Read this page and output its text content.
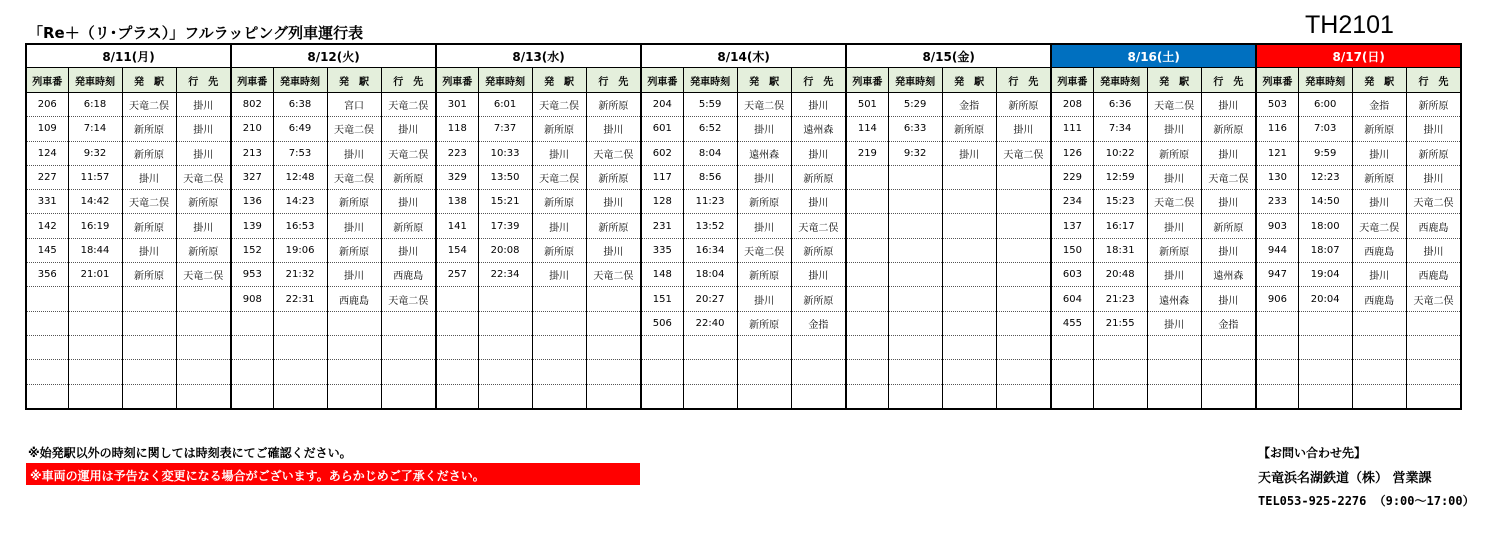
「Re＋（リ･プラス）」フルラッピング列車運行表	TH2101
8/11(月)				8/12(火)				8/13(水)				8/14(木)				8/15(金)				8/16(土)				8/17(日)			
列車番	発車時刻	発　駅	行　先	列車番	発車時刻	発　駅	行　先	列車番	発車時刻	発　駅	行　先	列車番	発車時刻	発　駅	行　先	列車番	発車時刻	発　駅	行　先	列車番	発車時刻	発　駅	行　先	列車番	発車時刻	発　駅	行　先
206	6:18	天竜二俣	掛川	802	6:38	宮口	天竜二俣	301	6:01	天竜二俣	新所原	204	5:59	天竜二俣	掛川	501	5:29	金指	新所原	208	6:36	天竜二俣	掛川	503	6:00	金指	新所原
109	7:14	新所原	掛川	210	6:49	天竜二俣	掛川	118	7:37	新所原	掛川	601	6:52	掛川	遠州森	114	6:33	新所原	掛川	111	7:34	掛川	新所原	116	7:03	新所原	掛川
124	9:32	新所原	掛川	213	7:53	掛川	天竜二俣	223	10:33	掛川	天竜二俣	602	8:04	遠州森	掛川	219	9:32	掛川	天竜二俣	126	10:22	新所原	掛川	121	9:59	掛川	新所原
227	11:57	掛川	天竜二俣	327	12:48	天竜二俣	新所原	329	13:50	天竜二俣	新所原	117	8:56	掛川	新所原					229	12:59	掛川	天竜二俣	130	12:23	新所原	掛川
331	14:42	天竜二俣	新所原	136	14:23	新所原	掛川	138	15:21	新所原	掛川	128	11:23	新所原	掛川					234	15:23	天竜二俣	掛川	233	14:50	掛川	天竜二俣
142	16:19	新所原	掛川	139	16:53	掛川	新所原	141	17:39	掛川	新所原	231	13:52	掛川	天竜二俣					137	16:17	掛川	新所原	903	18:00	天竜二俣	西鹿島
145	18:44	掛川	新所原	152	19:06	新所原	掛川	154	20:08	新所原	掛川	335	16:34	天竜二俣	新所原					150	18:31	新所原	掛川	944	18:07	西鹿島	掛川
356	21:01	新所原	天竜二俣	953	21:32	掛川	西鹿島	257	22:34	掛川	天竜二俣	148	18:04	新所原	掛川					603	20:48	掛川	遠州森	947	19:04	掛川	西鹿島
				908	22:31	西鹿島	天竜二俣					151	20:27	掛川	新所原					604	21:23	遠州森	掛川	906	20:04	西鹿島	天竜二俣
												506	22:40	新所原	金指					455	21:55	掛川	金指				

※始発駅以外の時刻に関しては時刻表にてご確認ください。
※車両の運用は予告なく変更になる場合がございます。あらかじめご了承ください。
【お問い合わせ先】
天竜浜名湖鉄道（株） 営業課
TEL053-925-2276 （9:00～17:00）
